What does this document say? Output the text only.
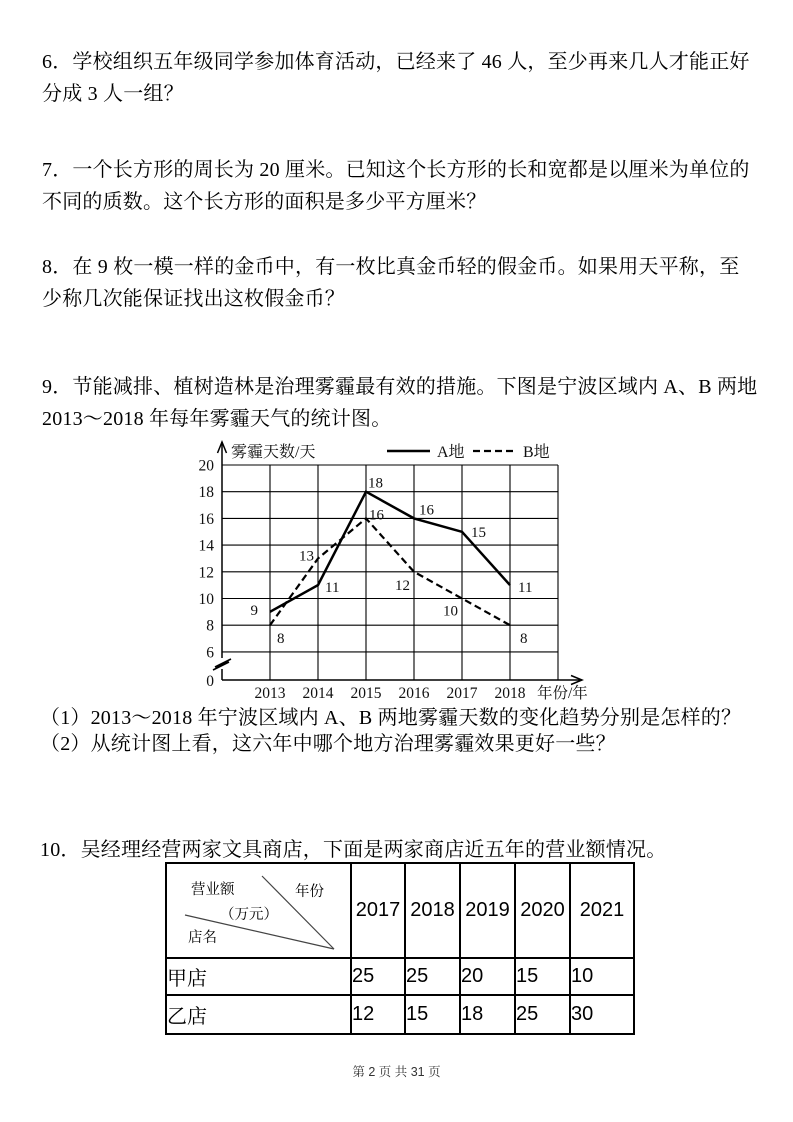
6．学校组织五年级同学参加体育活动，已经来了 46 人，至少再来几人才能正好
分成 3 人一组？
7．一个长方形的周长为 20 厘米。已知这个长方形的长和宽都是以厘米为单位的
不同的质数。这个长方形的面积是多少平方厘米？
8．在 9 枚一模一样的金币中，有一枚比真金币轻的假金币。如果用天平称，至
少称几次能保证找出这枚假金币？
9．节能减排、植树造林是治理雾霾最有效的措施。下图是宁波区域内 A、B 两地
2013～2018 年每年雾霾天气的统计图。
20
18
16
14
12
10
8
6
0
雾霾天数/天
年份/年
2013 2014 2015 2016 2017 2018
A地	B地
9
11
18
16
15
11
8
13
16
12
10
8
（1）2013～2018 年宁波区域内 A、B 两地雾霾天数的变化趋势分别是怎样的？
（2）从统计图上看，这六年中哪个地方治理雾霾效果更好一些？
10．吴经理经营两家文具商店，下面是两家商店近五年的营业额情况。
营业额 年份
（万元）
店名	2017	2018	2019	2020	2021
甲店	25	25	20	15	10
乙店	12	15	18	25	30
第 2 页 共 31 页
